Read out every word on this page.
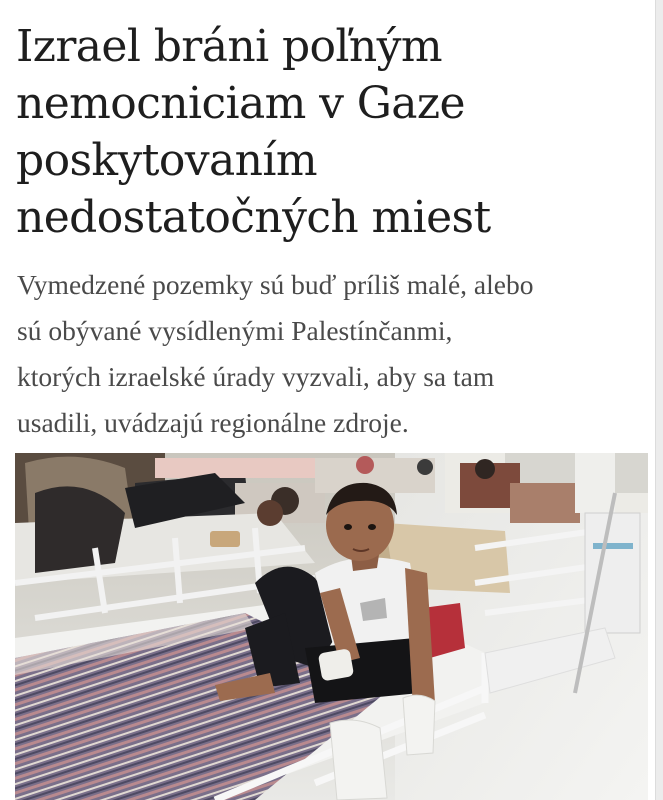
Izrael bráni poľným
nemocniciam v Gaze
poskytovaním
nedostatočných miest

Vymedzené pozemky sú buď príliš malé, alebo
sú obývané vysídlenými Palestínčanmi,
ktorých izraelské úrady vyzvali, aby sa tam
usadili, uvádzajú regionálne zdroje.
